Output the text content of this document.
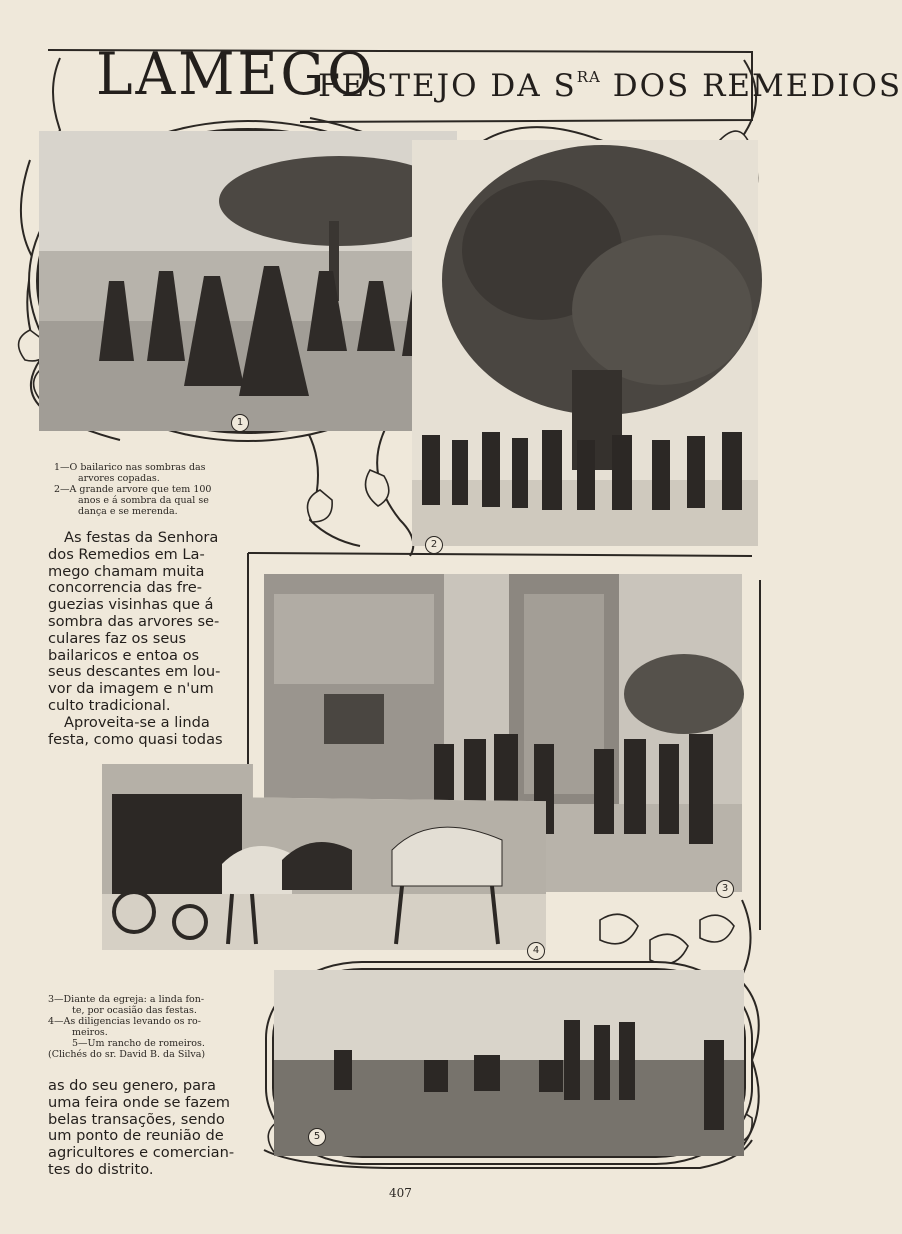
LAMEGO
FESTEJO DA $S^{RA}$ DOS REMEDIOS
1
2
3
4
5
1—O bailarico nas sombras das
arvores copadas.
2—A grande arvore que tem 100
anos e á sombra da qual se
dança e se merenda.
As festas da Senhora
dos Remedios em La-
mego chamam muita
concorrencia das fre-
guezias visinhas que á
sombra das arvores se-
culares faz os seus
bailaricos e entoa os
seus descantes em lou-
vor da imagem e n'um
culto tradicional.
Aproveita-se a linda
festa, como quasi todas
3—Diante da egreja: a linda fon-
te, por ocasião das festas.
4—As diligencias levando os ro-
meiros.
5—Um rancho de romeiros.
(Clichés do sr. David B. da Silva)
as do seu genero, para
uma feira onde se fazem
belas transações, sendo
um ponto de reunião de
agricultores e comercian-
tes do distrito.
407
